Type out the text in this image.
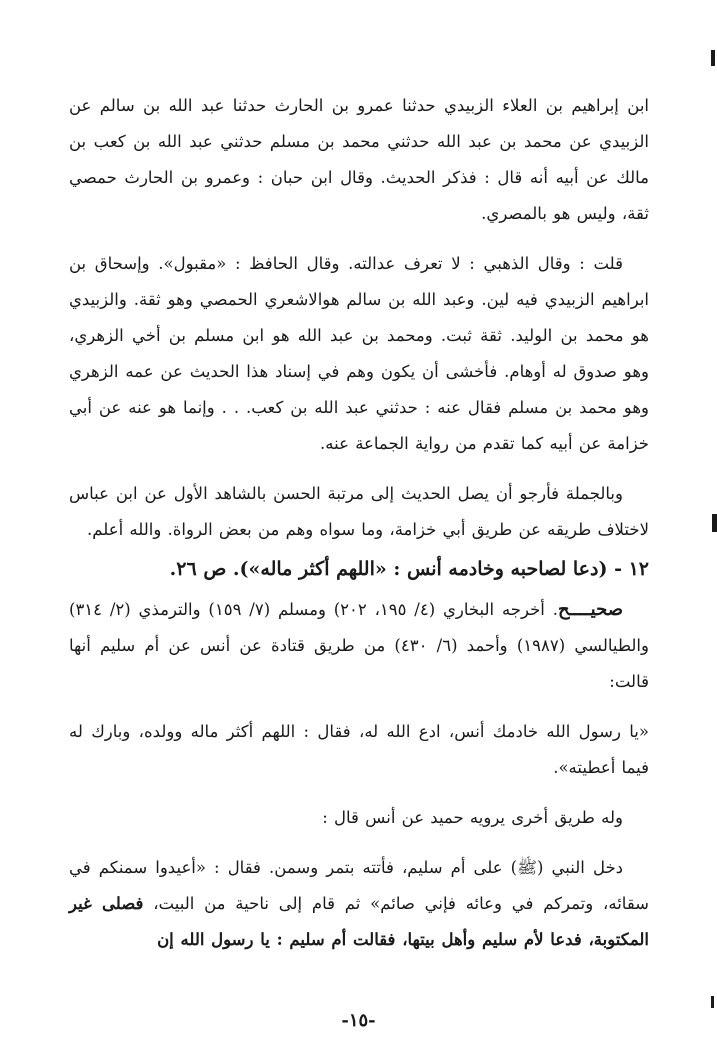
ابن إبراهيم بن العلاء الزبيدي حدثنا عمرو بن الحارث حدثنا عبد الله بن سالم عن الزبيدي عن محمد بن عبد الله حدثني محمد بن مسلم حدثني عبد الله بن كعب بن مالك عن أبيه أنه قال : فذكر الحديث. وقال ابن حبان : وعمرو بن الحارث حمصي ثقة، وليس هو بالمصري.

قلت : وقال الذهبي : لا تعرف عدالته. وقال الحافظ : «مقبول». وإسحاق بن ابراهيم الزبيدي فيه لين. وعبد الله بن سالم هوالاشعري الحمصي وهو ثقة. والزبيدي هو محمد بن الوليد. ثقة ثبت. ومحمد بن عبد الله هو ابن مسلم بن أخي الزهري، وهو صدوق له أوهام. فأخشى أن يكون وهم في إسناد هذا الحديث عن عمه الزهري وهو محمد بن مسلم فقال عنه : حدثني عبد الله بن كعب. . . وإنما هو عنه عن أبي خزامة عن أبيه كما تقدم من رواية الجماعة عنه.

وبالجملة فأرجو أن يصل الحديث إلى مرتبة الحسن بالشاهد الأول عن ابن عباس لاختلاف طريقه عن طريق أبي خزامة، وما سواه وهم من بعض الرواة. والله أعلم.

١٢ - (دعا لصاحبه وخادمه أنس : «اللهم أكثر ماله»). ص ٢٦.

صحيــــح. أخرجه البخاري (٤/ ١٩٥، ٢٠٢) ومسلم (٧/ ١٥٩) والترمذي (٢/ ٣١٤) والطيالسي (١٩٨٧) وأحمد (٦/ ٤٣٠) من طريق قتادة عن أنس عن أم سليم أنها قالت:

«يا رسول الله خادمك أنس، ادع الله له، فقال : اللهم أكثر ماله وولده، وبارك له فيما أعطيته».

وله طريق أخرى يرويه حميد عن أنس قال :

دخل النبي (ﷺ) على أم سليم، فأتته بتمر وسمن. فقال : «أعيدوا سمنكم في سقائه، وتمركم في وعائه فإني صائم» ثم قام إلى ناحية من البيت، فصلى غير المكتوبة، فدعا لأم سليم وأهل بيتها، فقالت أم سليم : يا رسول الله إن

-١٥-
